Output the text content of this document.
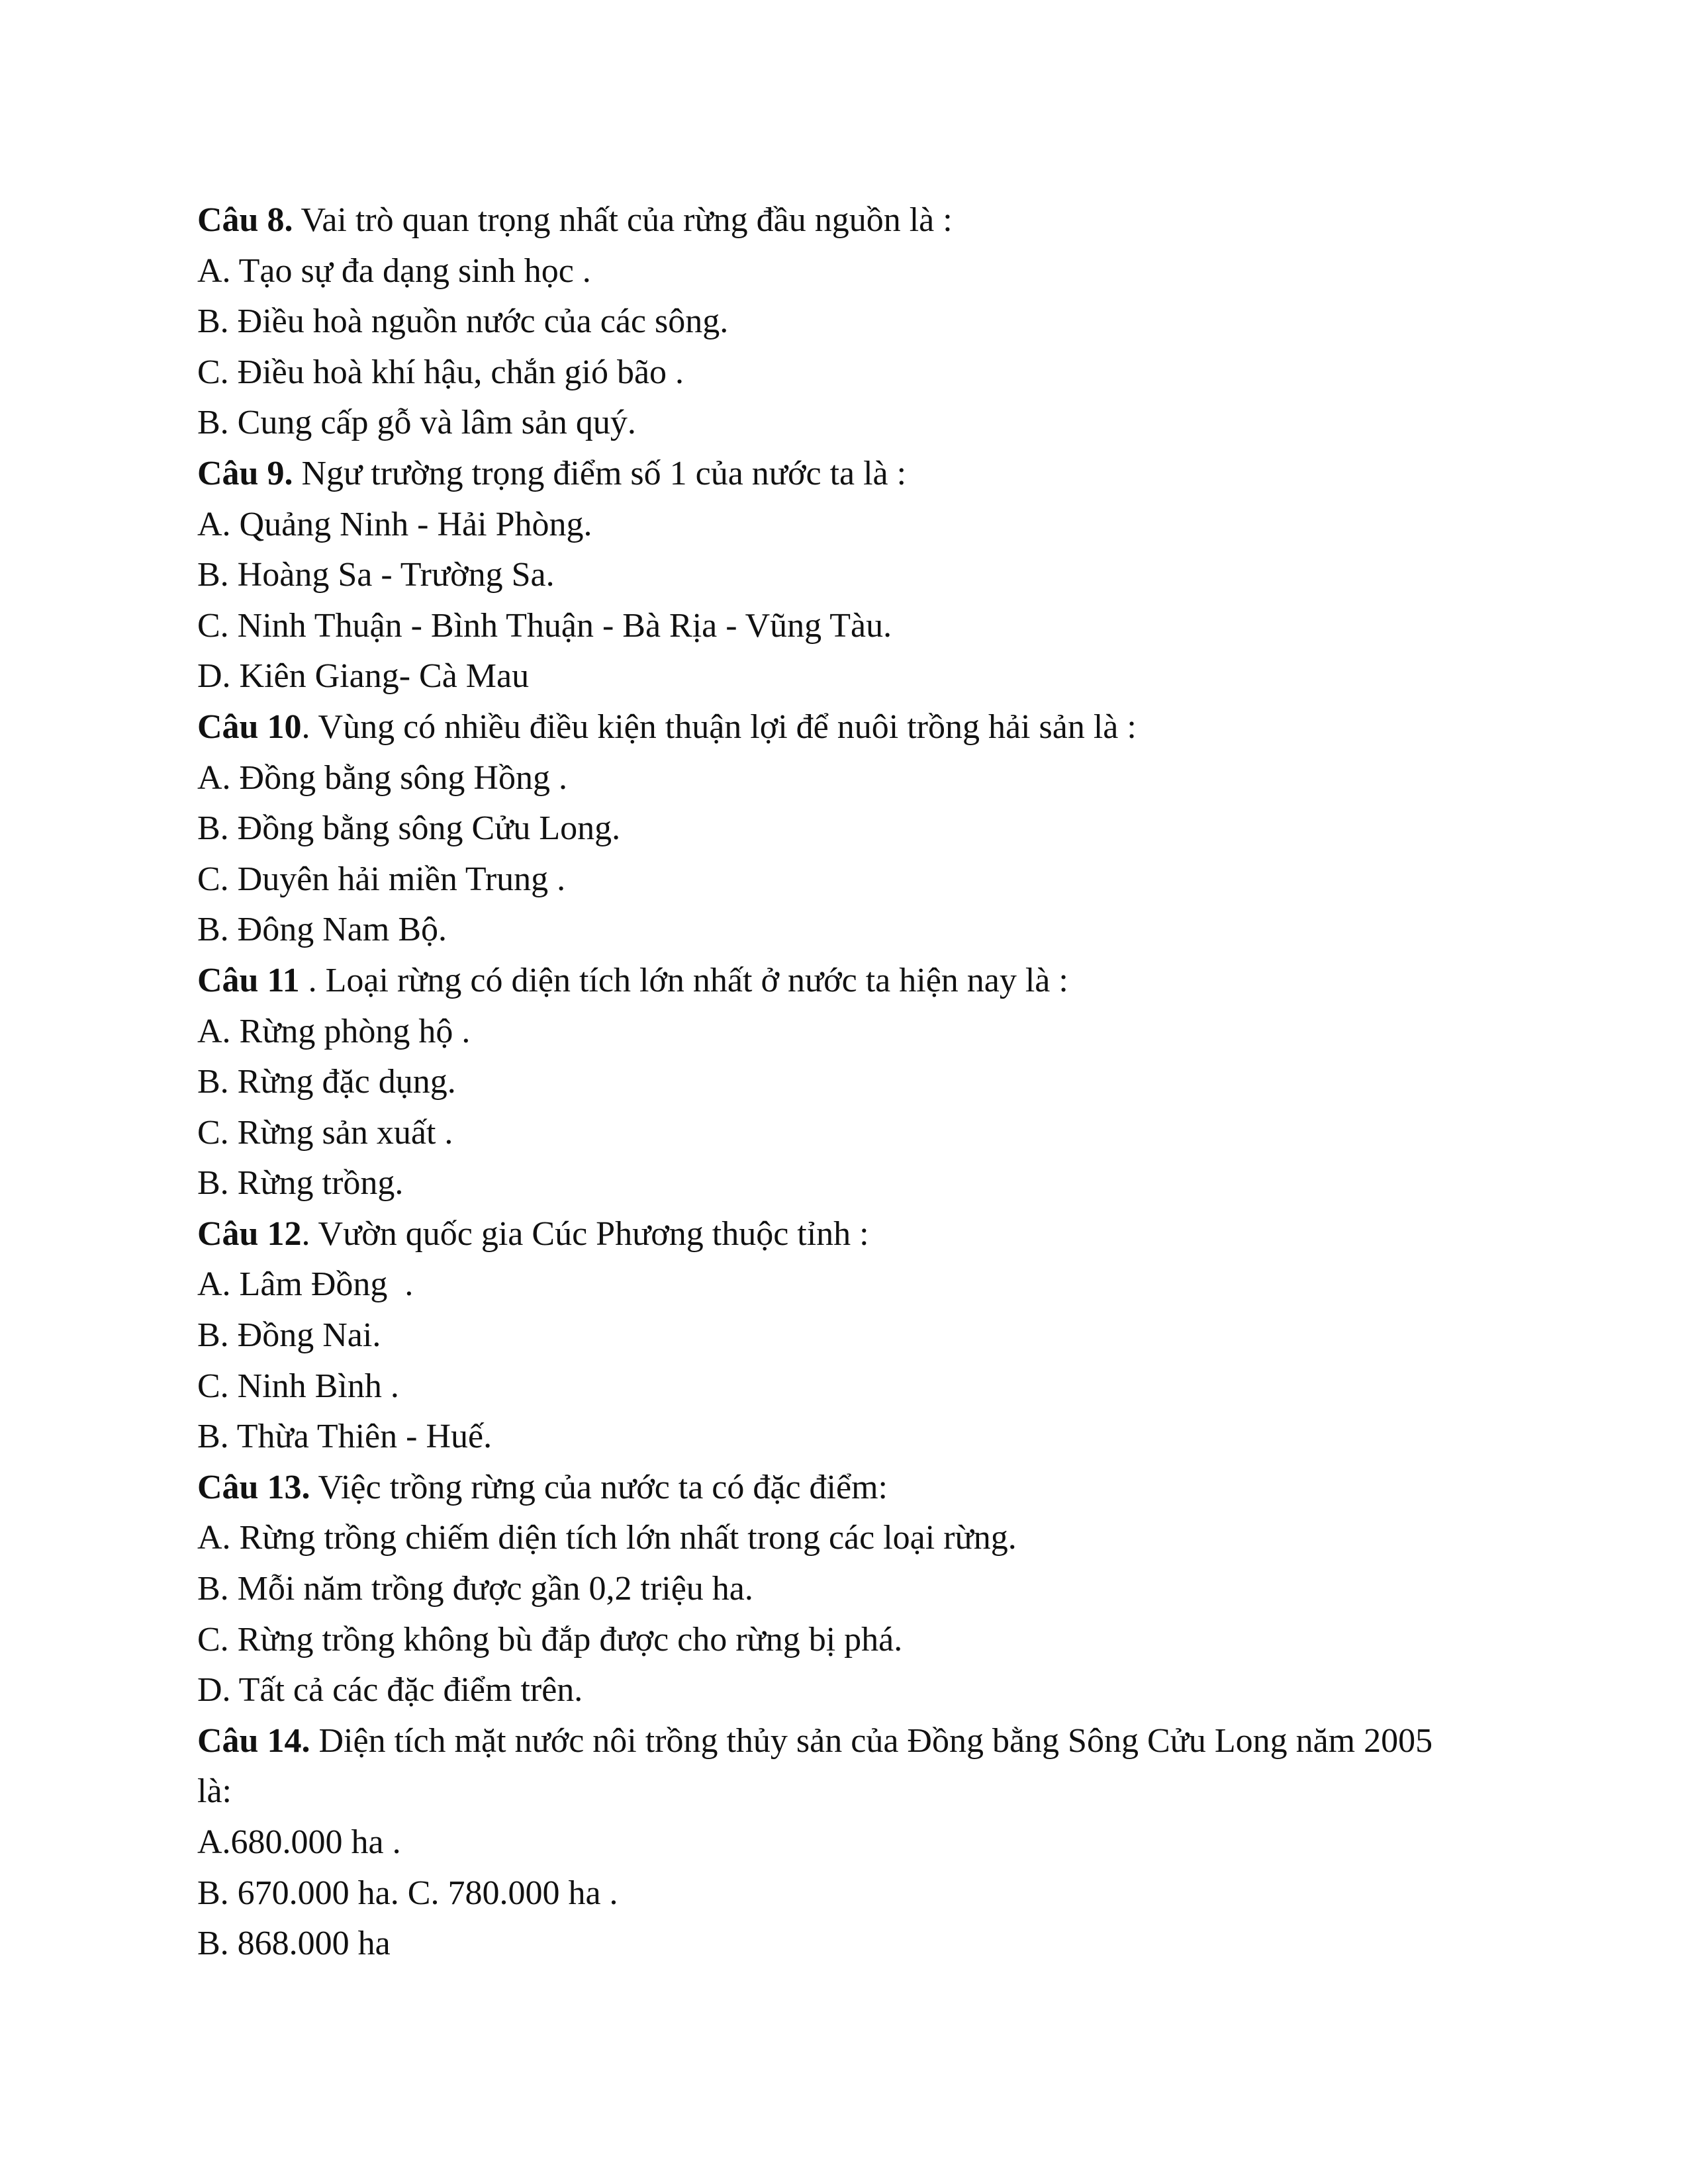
Câu 8. Vai trò quan trọng nhất của rừng đầu nguồn là :
A. Tạo sự đa dạng sinh học .
B. Điều hoà nguồn nước của các sông.
C. Điều hoà khí hậu, chắn gió bão .
B. Cung cấp gỗ và lâm sản quý.
Câu 9. Ngư trường trọng điểm số 1 của nước ta là :
A. Quảng Ninh - Hải Phòng.
B. Hoàng Sa - Trường Sa.
C. Ninh Thuận - Bình Thuận - Bà Rịa - Vũng Tàu.
D. Kiên Giang- Cà Mau
Câu 10. Vùng có nhiều điều kiện thuận lợi để nuôi trồng hải sản là :
A. Đồng bằng sông Hồng .
B. Đồng bằng sông Cửu Long.
C. Duyên hải miền Trung .
B. Đông Nam Bộ.
Câu 11 . Loại rừng có diện tích lớn nhất ở nước ta hiện nay là :
A. Rừng phòng hộ .
B. Rừng đặc dụng.
C. Rừng sản xuất .
B. Rừng trồng.
Câu 12. Vườn quốc gia Cúc Phương thuộc tỉnh :
A. Lâm Đồng  .
B. Đồng Nai.
C. Ninh Bình .
B. Thừa Thiên - Huế.
Câu 13. Việc trồng rừng của nước ta có đặc điểm:
A. Rừng trồng chiếm diện tích lớn nhất trong các loại rừng.
B. Mỗi năm trồng được gần 0,2 triệu ha.
C. Rừng trồng không bù đắp được cho rừng bị phá.
D. Tất cả các đặc điểm trên.
Câu 14. Diện tích mặt nước nôi trồng thủy sản của Đồng bằng Sông Cửu Long năm 2005 là:
A.680.000 ha .
B. 670.000 ha. C. 780.000 ha .
B. 868.000 ha
